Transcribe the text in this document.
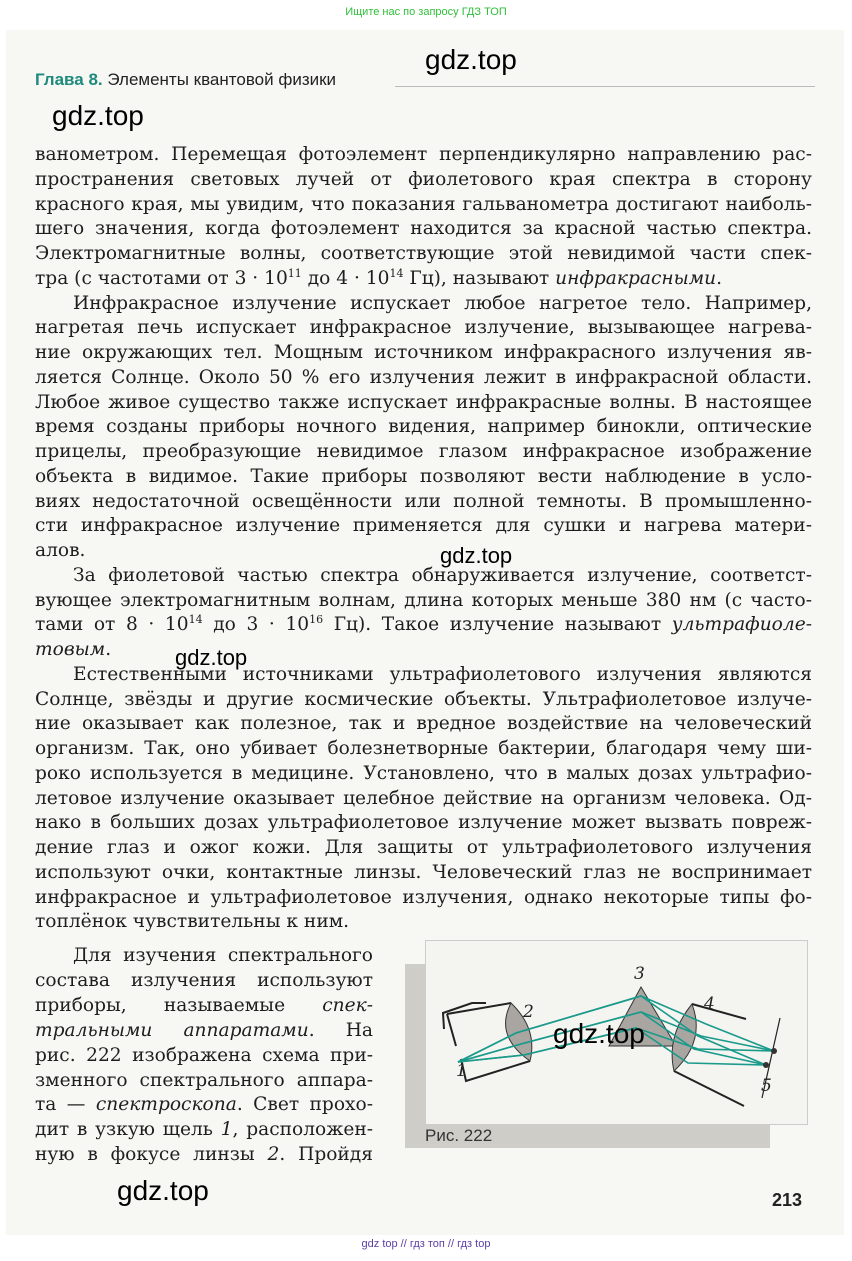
Ищите нас по запросу ГДЗ ТОП
Глава 8. Элементы квантовой физики
ванометром. Перемещая фотоэлемент перпендикулярно направлению рас-
пространения световых лучей от фиолетового края спектра в сторону
красного края, мы увидим, что показания гальванометра достигают наиболь-
шего значения, когда фотоэлемент находится за красной частью спектра.
Электромагнитные волны, соответствующие этой невидимой части спек-
тра (с частотами от $3 \cdot 10^{11}$ до $4 \cdot 10^{14}$ Гц), называют инфракрасными.
Инфракрасное излучение испускает любое нагретое тело. Например,
нагретая печь испускает инфракрасное излучение, вызывающее нагрева-
ние окружающих тел. Мощным источником инфракрасного излучения яв-
ляется Солнце. Около 50 % его излучения лежит в инфракрасной области.
Любое живое существо также испускает инфракрасные волны. В настоящее
время созданы приборы ночного видения, например бинокли, оптические
прицелы, преобразующие невидимое глазом инфракрасное изображение
объекта в видимое. Такие приборы позволяют вести наблюдение в усло-
виях недостаточной освещённости или полной темноты. В промышленно-
сти инфракрасное излучение применяется для сушки и нагрева матери-
алов.
За фиолетовой частью спектра обнаруживается излучение, соответст-
вующее электромагнитным волнам, длина которых меньше 380 нм (с часто-
тами от $8 \cdot 10^{14}$ до $3 \cdot 10^{16}$ Гц). Такое излучение называют ультрафиоле-
товым.
Естественными источниками ультрафиолетового излучения являются
Солнце, звёзды и другие космические объекты. Ультрафиолетовое излуче-
ние оказывает как полезное, так и вредное воздействие на человеческий
организм. Так, оно убивает болезнетворные бактерии, благодаря чему ши-
роко используется в медицине. Установлено, что в малых дозах ультрафио-
летовое излучение оказывает целебное действие на организм человека. Од-
нако в больших дозах ультрафиолетовое излучение может вызвать повреж-
дение глаз и ожог кожи. Для защиты от ультрафиолетового излучения
используют очки, контактные линзы. Человеческий глаз не воспринимает
инфракрасное и ультрафиолетовое излучения, однако некоторые типы фо-
топлёнок чувствительны к ним.
Для изучения спектрального
состава излучения используют
приборы, называемые спек-
тральными аппаратами. На
рис. 222 изображена схема при-
зменного спектрального аппара-
та — спектроскопа. Свет прохо-
дит в узкую щель 1, расположен-
ную в фокусе линзы 2. Пройдя
1
2
3
4
5
Рис. 222
213
gdz.top
gdz.top
gdz.top
gdz.top
gdz.top
gdz.top
gdz top // гдз топ // гдз top
